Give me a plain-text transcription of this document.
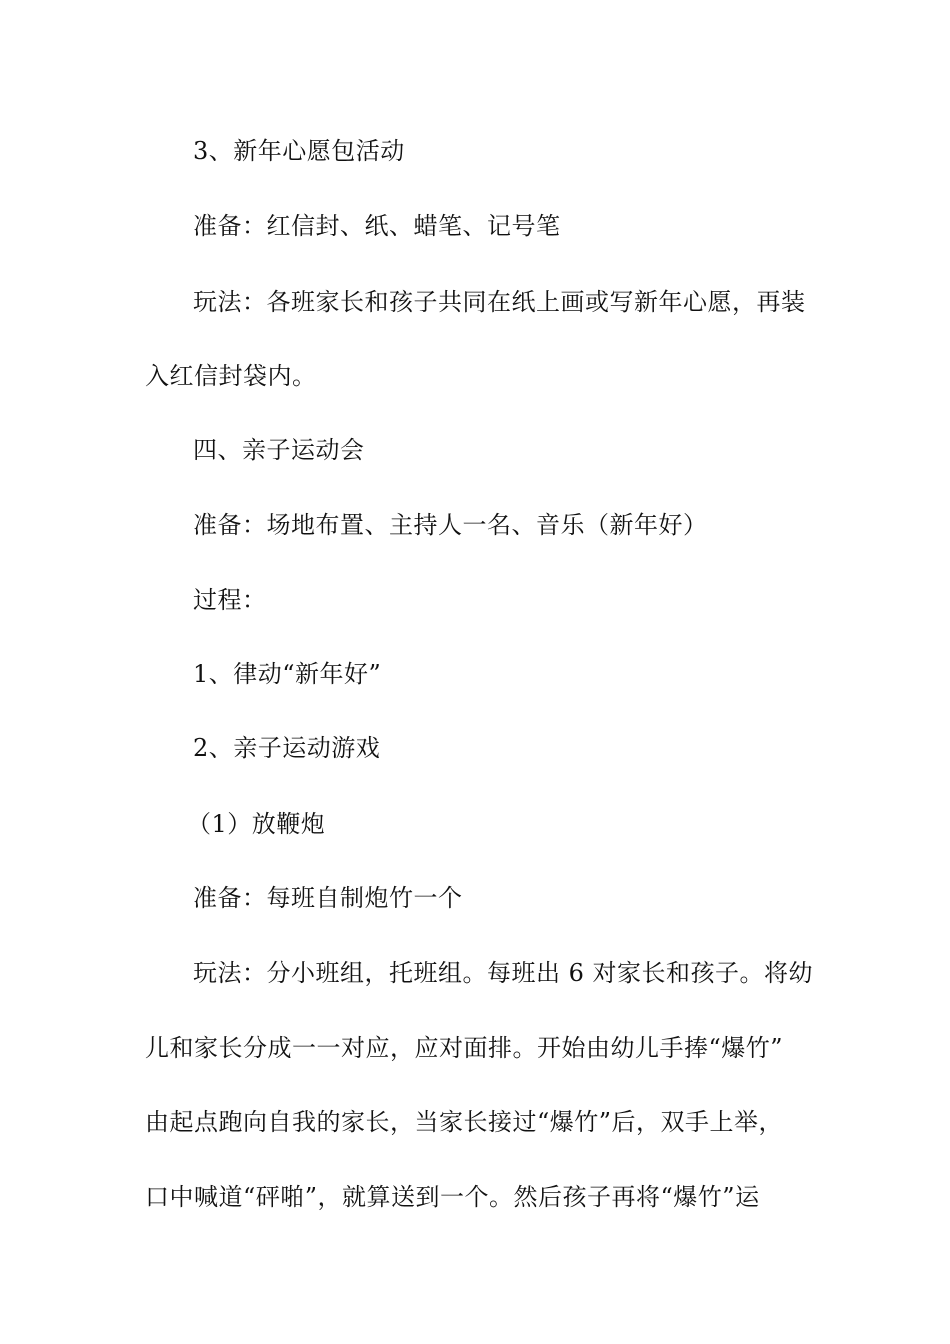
3、新年心愿包活动
准备：红信封、纸、蜡笔、记号笔
玩法：各班家长和孩子共同在纸上画或写新年心愿，再装
入红信封袋内。
四、亲子运动会
准备：场地布置、主持人一名、音乐（新年好）
过程：
1、律动“新年好”
2、亲子运动游戏
（1）放鞭炮
准备：每班自制炮竹一个
玩法：分小班组，托班组。每班出 6 对家长和孩子。将幼
儿和家长分成一一对应，应对面排。开始由幼儿手捧“爆竹”
由起点跑向自我的家长，当家长接过“爆竹”后，双手上举，
口中喊道“砰啪”，就算送到一个。然后孩子再将“爆竹”运
